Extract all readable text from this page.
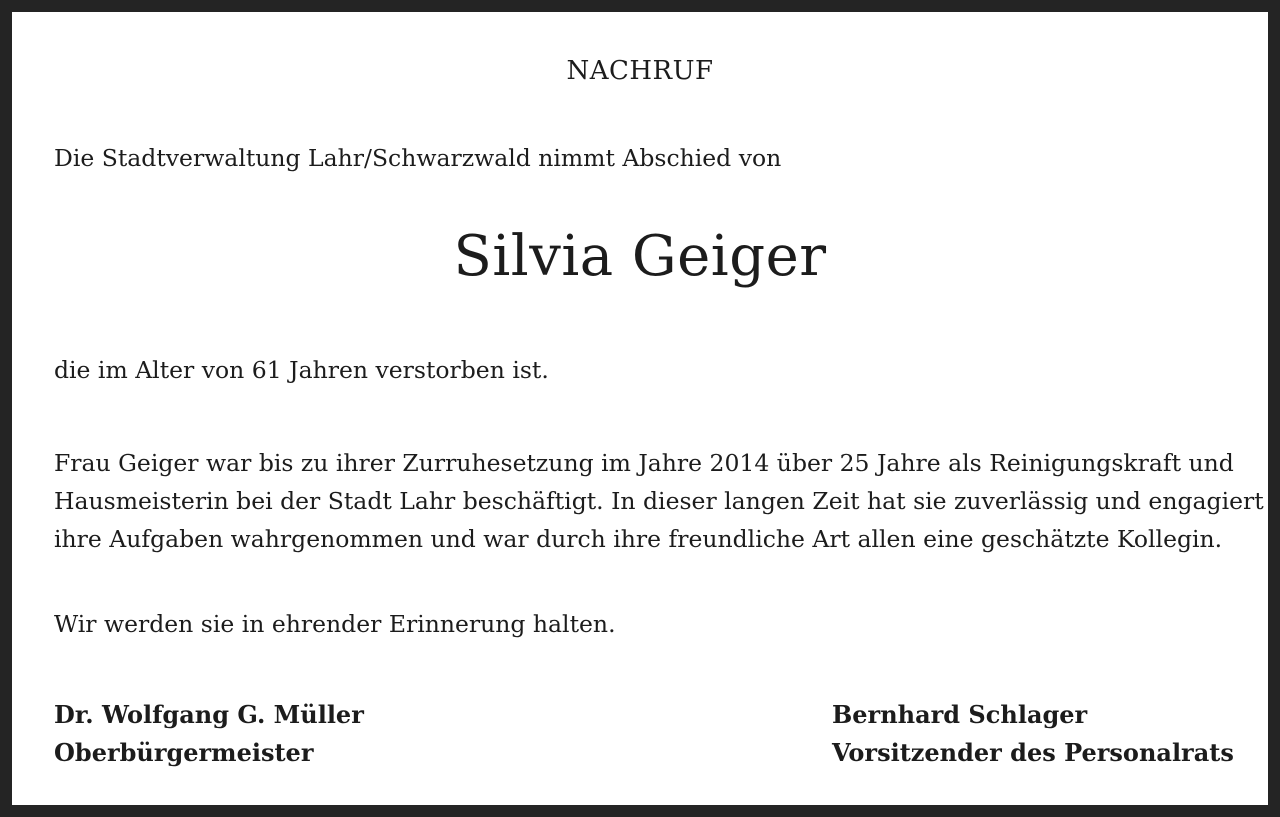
NACHRUF
Die Stadtverwaltung Lahr/Schwarzwald nimmt Abschied von
Silvia Geiger
die im Alter von 61 Jahren verstorben ist.
Frau Geiger war bis zu ihrer Zurruhesetzung im Jahre 2014 über 25 Jahre als Reinigungskraft und
Hausmeisterin bei der Stadt Lahr beschäftigt. In dieser langen Zeit hat sie zuverlässig und engagiert
ihre Aufgaben wahrgenommen und war durch ihre freundliche Art allen eine geschätzte Kollegin.
Wir werden sie in ehrender Erinnerung halten.
Dr. Wolfgang G. Müller
Oberbürgermeister
Bernhard Schlager
Vorsitzender des Personalrats
